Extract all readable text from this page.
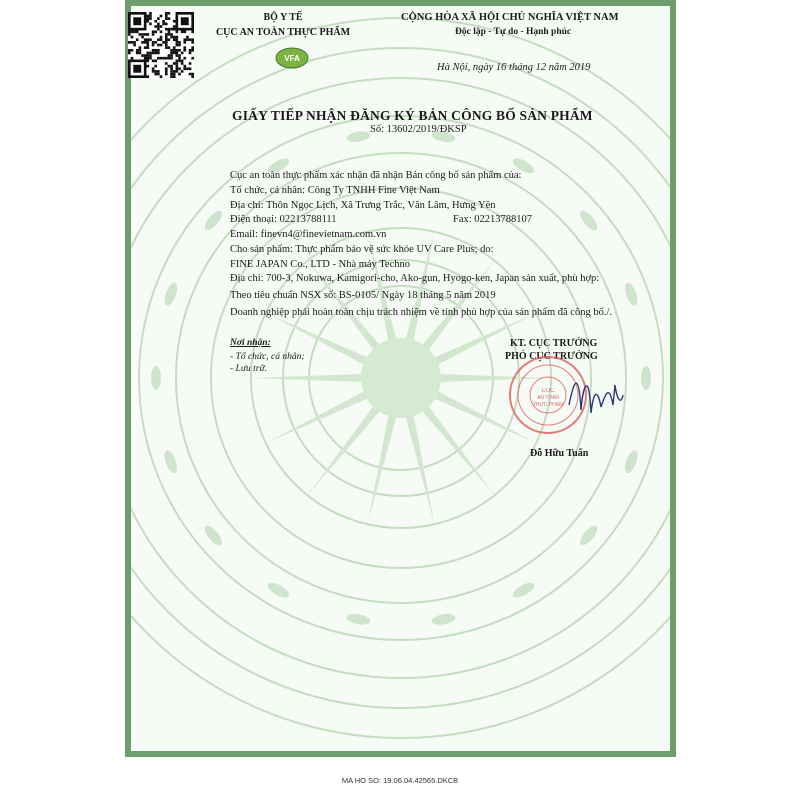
VFA
BỘ Y TẾ
CỤC AN TOÀN THỰC PHẨM
CỘNG HÒA XÃ HỘI CHỦ NGHĨA VIỆT NAM
Độc lập - Tự do - Hạnh phúc
Hà Nội, ngày 16 tháng 12 năm 2019
GIẤY TIẾP NHẬN ĐĂNG KÝ BẢN CÔNG BỐ SẢN PHẨM
Số: 13602/2019/ĐKSP
Cục an toàn thực phẩm xác nhận đã nhận Bản công bố sản phẩm của:
Tổ chức, cá nhân: Công Ty TNHH Fine Việt Nam
Địa chỉ: Thôn Ngọc Lịch, Xã Trưng Trắc, Văn Lâm, Hưng Yên
Điện thoại: 02213788111	Fax: 02213788107
Email: finevn4@finevietnam.com.vn
Cho sản phẩm: Thực phẩm bảo vệ sức khỏe UV Care Plus; do:
FINE JAPAN Co., LTD - Nhà máy Techno
Địa chỉ: 700-3, Nokuwa, Kamigori-cho, Ako-gun, Hyogo-ken, Japan sản xuất, phù hợp:
Theo tiêu chuẩn NSX số: BS-0105/ Ngày 18 tháng 5 năm 2019
Doanh nghiệp phải hoàn toàn chịu trách nhiệm về tính phù hợp của sản phẩm đã công bố./.
Nơi nhận:
- Tổ chức, cá nhân;
- Lưu trữ.
KT. CỤC TRƯỞNG
PHÓ CỤC TRƯỞNG
CỤC
AN TOÀN
THỰC PHẨM
Đỗ Hữu Tuấn
MA HO SO: 19.06.04.42565.DKCB
